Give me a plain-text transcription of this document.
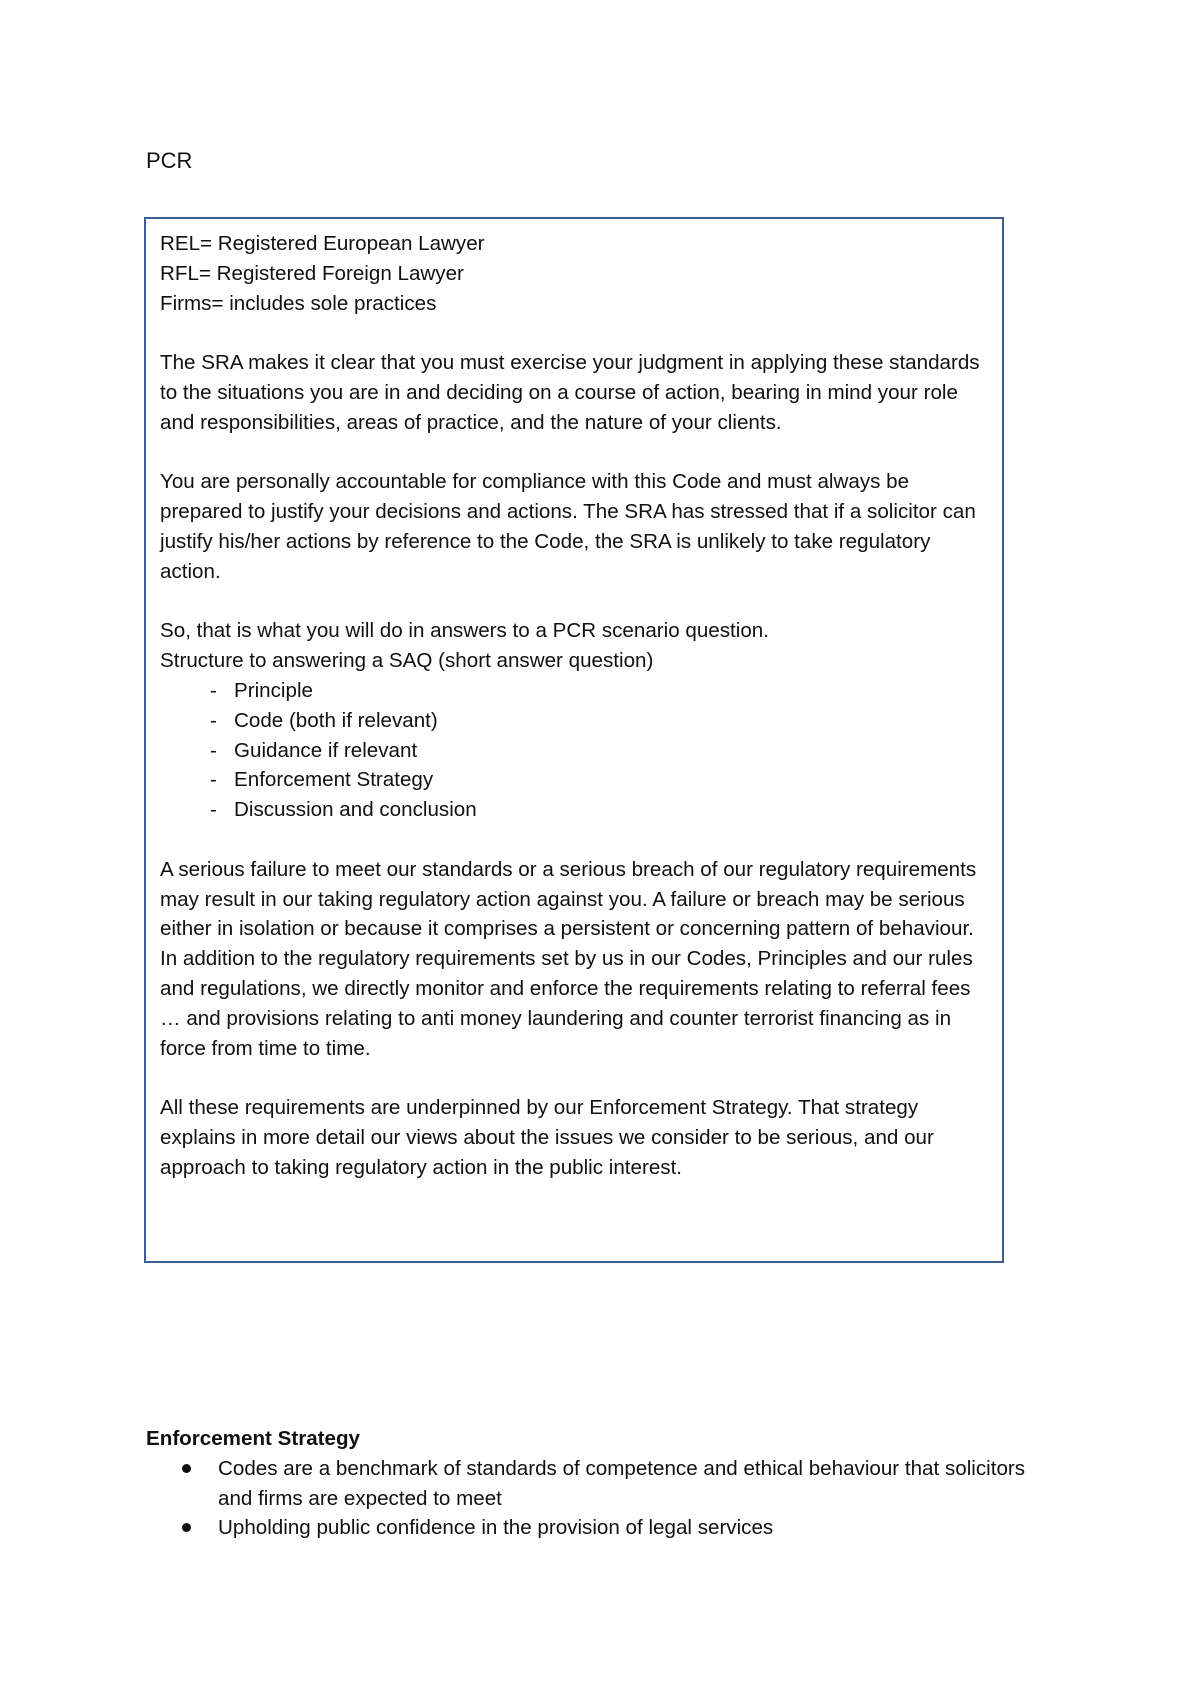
PCR

REL= Registered European Lawyer

RFL= Registered Foreign Lawyer

Firms= includes sole practices

The SRA makes it clear that you must exercise your judgment in applying these standards to the situations you are in and deciding on a course of action, bearing in mind your role and responsibilities, areas of practice, and the nature of your clients.

You are personally accountable for compliance with this Code and must always be prepared to justify your decisions and actions. The SRA has stressed that if a solicitor can justify his/her actions by reference to the Code, the SRA is unlikely to take regulatory action.

So, that is what you will do in answers to a PCR scenario question.

Structure to answering a SAQ (short answer question)

- Principle
- Code (both if relevant)
- Guidance if relevant
- Enforcement Strategy
- Discussion and conclusion

A serious failure to meet our standards or a serious breach of our regulatory requirements may result in our taking regulatory action against you. A failure or breach may be serious either in isolation or because it comprises a persistent or concerning pattern of behaviour. In addition to the regulatory requirements set by us in our Codes, Principles and our rules and regulations, we directly monitor and enforce the requirements relating to referral fees … and provisions relating to anti money laundering and counter terrorist financing as in force from time to time.

All these requirements are underpinned by our Enforcement Strategy. That strategy explains in more detail our views about the issues we consider to be serious, and our approach to taking regulatory action in the public interest.

Enforcement Strategy
Codes are a benchmark of standards of competence and ethical behaviour that solicitors and firms are expected to meet
Upholding public confidence in the provision of legal services
